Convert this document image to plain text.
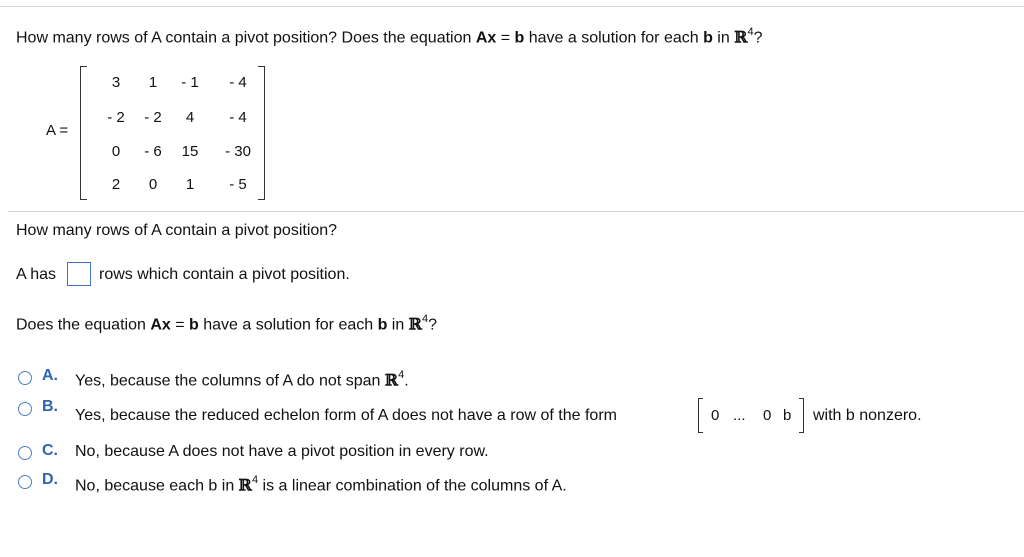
How many rows of A contain a pivot position? Does the equation Ax = b have a solution for each b in ℝ$^4$?
A =
3	1	- 1	- 4
- 2	- 2	4	- 4
0	- 6	15	- 30
2	0	1	- 5
How many rows of A contain a pivot position?
A has	rows which contain a pivot position.
Does the equation Ax = b have a solution for each b in ℝ$^4$?
A. Yes, because the columns of A do not span ℝ$^4$.
B.
Yes, because the reduced echelon form of A does not have a row of the form	0 ... 0 b with b nonzero.
C. No, because A does not have a pivot position in every row.
D. No, because each b in ℝ$^4$ is a linear combination of the columns of A.
